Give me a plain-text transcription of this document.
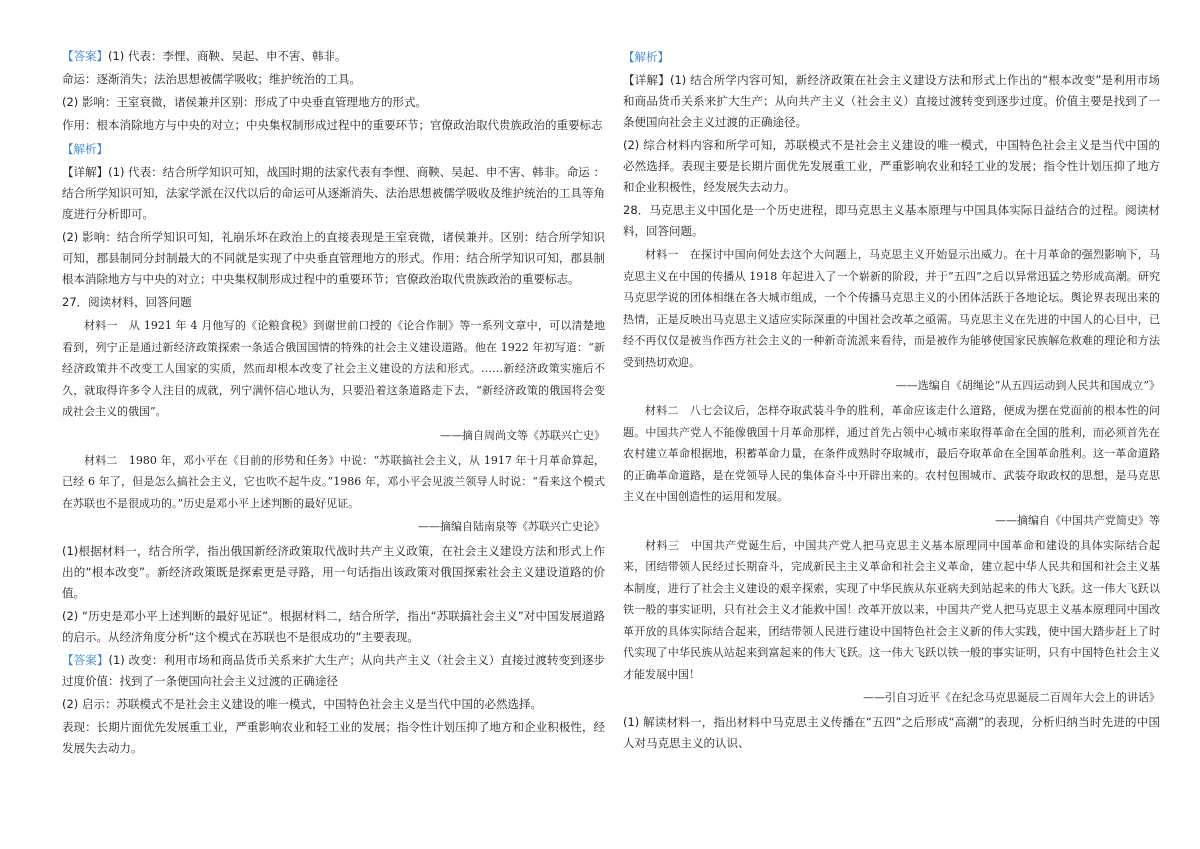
【答案】(1) 代表：李悝、商鞅、吴起、申不害、韩非。

命运：逐渐消失；法治思想被儒学吸收；维护统治的工具。

(2) 影响：王室衰微，诸侯兼并区别：形成了中央垂直管理地方的形式。

作用：根本消除地方与中央的对立；中央集权制形成过程中的重要环节；官僚政治取代贵族政治的重要标志

【解析】

【详解】(1) 代表：结合所学知识可知，战国时期的法家代表有李悝、商鞅、吴起、申不害、韩非。命运 ：结合所学知识可知，法家学派在汉代以后的命运可从逐渐消失、法治思想被儒学吸收及维护统治的工具等角度进行分析即可。

(2) 影响：结合所学知识可知，礼崩乐坏在政治上的直接表现是王室衰微，诸侯兼并。区别：结合所学知识可知，郡县制同分封制最大的不同就是实现了中央垂直管理地方的形式。作用：结合所学知识可知，郡县制根本消除地方与中央的对立；中央集权制形成过程中的重要环节；官僚政治取代贵族政治的重要标志。

27．阅读材料，回答问题

材料一　从 1921 年 4 月他写的《论粮食税》到谢世前口授的《论合作制》等一系列文章中，可以清楚地看到，列宁正是通过新经济政策探索一条适合俄国国情的特殊的社会主义建设道路。他在 1922 年初写道：“新经济政策并不改变工人国家的实质，然而却根本改变了社会主义建设的方法和形式。……新经济政策实施后不久，就取得许多令人注目的成就，列宁满怀信心地认为，只要沿着这条道路走下去，“新经济政策的俄国将会变成社会主义的俄国”。

——摘自周尚文等《苏联兴亡史》

材料二　1980 年，邓小平在《目前的形势和任务》中说：“苏联搞社会主义，从 1917 年十月革命算起，已经 6 年了，但是怎么搞社会主义，它也吹不起牛皮。”1986 年，邓小平会见波兰领导人时说：“看来这个模式在苏联也不是很成功的。”历史是邓小平上述判断的最好见证。

——摘编自陆南泉等《苏联兴亡史论》

(1)根据材料一，结合所学，指出俄国新经济政策取代战时共产主义政策，在社会主义建设方法和形式上作出的“根本改变”。新经济政策既是探索更是寻路，用一句话指出该政策对俄国探索社会主义建设道路的价值。

(2) “历史是邓小平上述判断的最好见证”。根据材料二，结合所学，指出“苏联搞社会主义”对中国发展道路的启示。从经济角度分析“这个模式在苏联也不是很成功的”主要表现。

【答案】(1) 改变：利用市场和商品货币关系来扩大生产；从向共产主义（社会主义）直接过渡转变到逐步过度价值：找到了一条便国向社会主义过渡的正确途径

(2) 启示：苏联模式不是社会主义建设的唯一模式，中国特色社会主义是当代中国的必然选择。

表现：长期片面优先发展重工业，严重影响农业和轻工业的发展；指令性计划压抑了地方和企业积极性，经发展失去动力。

【解析】

【详解】(1) 结合所学内容可知，新经济政策在社会主义建设方法和形式上作出的“根本改变”是利用市场和商品货币关系来扩大生产；从向共产主义（社会主义）直接过渡转变到逐步过度。价值主要是找到了一条便国向社会主义过渡的正确途径。

(2) 综合材料内容和所学可知，苏联模式不是社会主义建设的唯一模式，中国特色社会主义是当代中国的必然选择。表现主要是长期片面优先发展重工业，严重影响农业和轻工业的发展；指令性计划压抑了地方和企业积极性，经发展失去动力。

28．马克思主义中国化是一个历史进程，即马克思主义基本原理与中国具体实际日益结合的过程。阅读材料，回答问题。

材料一　在探讨中国向何处去这个大问题上，马克思主义开始显示出威力。在十月革命的强烈影响下，马克思主义在中国的传播从 1918 年起进入了一个崭新的阶段，并于“五四”之后以异常迅猛之势形成高潮。研究马克思学说的团体相继在各大城市组成，一个个传播马克思主义的小团体活跃于各地论坛。舆论界表现出来的热情，正是反映出马克思主义适应实际深重的中国社会改革之亟需。马克思主义在先进的中国人的心目中，已经不再仅仅是被当作西方社会主义的一种新奇流派来看待，而是被作为能够使国家民族解危救难的理论和方法受到热切欢迎。

——选编自《胡绳论“从五四运动到人民共和国成立”》

材料二　八七会议后，怎样夺取武装斗争的胜利，革命应该走什么道路，便成为摆在党面前的根本性的问题。中国共产党人不能像俄国十月革命那样，通过首先占领中心城市来取得革命在全国的胜利，而必须首先在农村建立革命根据地，积蓄革命力量，在条件成熟时夺取城市，最后夺取革命在全国革命胜利。这一革命道路的正确革命道路，是在党领导人民的集体奋斗中开辟出来的。农村包围城市、武装夺取政权的思想，是马克思主义在中国创造性的运用和发展。

——摘编自《中国共产党简史》等

材料三　中国共产党诞生后，中国共产党人把马克思主义基本原理同中国革命和建设的具体实际结合起来，团结带领人民经过长期奋斗，完成新民主主义革命和社会主义革命，建立起中华人民共和国和社会主义基本制度，进行了社会主义建设的艰辛探索，实现了中华民族从东亚病夫到站起来的伟大飞跃。这一伟大飞跃以铁一般的事实证明，只有社会主义才能救中国！改革开放以来，中国共产党人把马克思主义基本原理同中国改革开放的具体实际结合起来，团结带领人民进行建设中国特色社会主义新的伟大实践，使中国大踏步赶上了时代实现了中华民族从站起来到富起来的伟大飞跃。这一伟大飞跃以铁一般的事实证明，只有中国特色社会主义才能发展中国！

——引自习近平《在纪念马克思诞辰二百周年大会上的讲话》

(1) 解读材料一，指出材料中马克思主义传播在“五四”之后形成“高潮”的表现，分析归纳当时先进的中国人对马克思主义的认识、
